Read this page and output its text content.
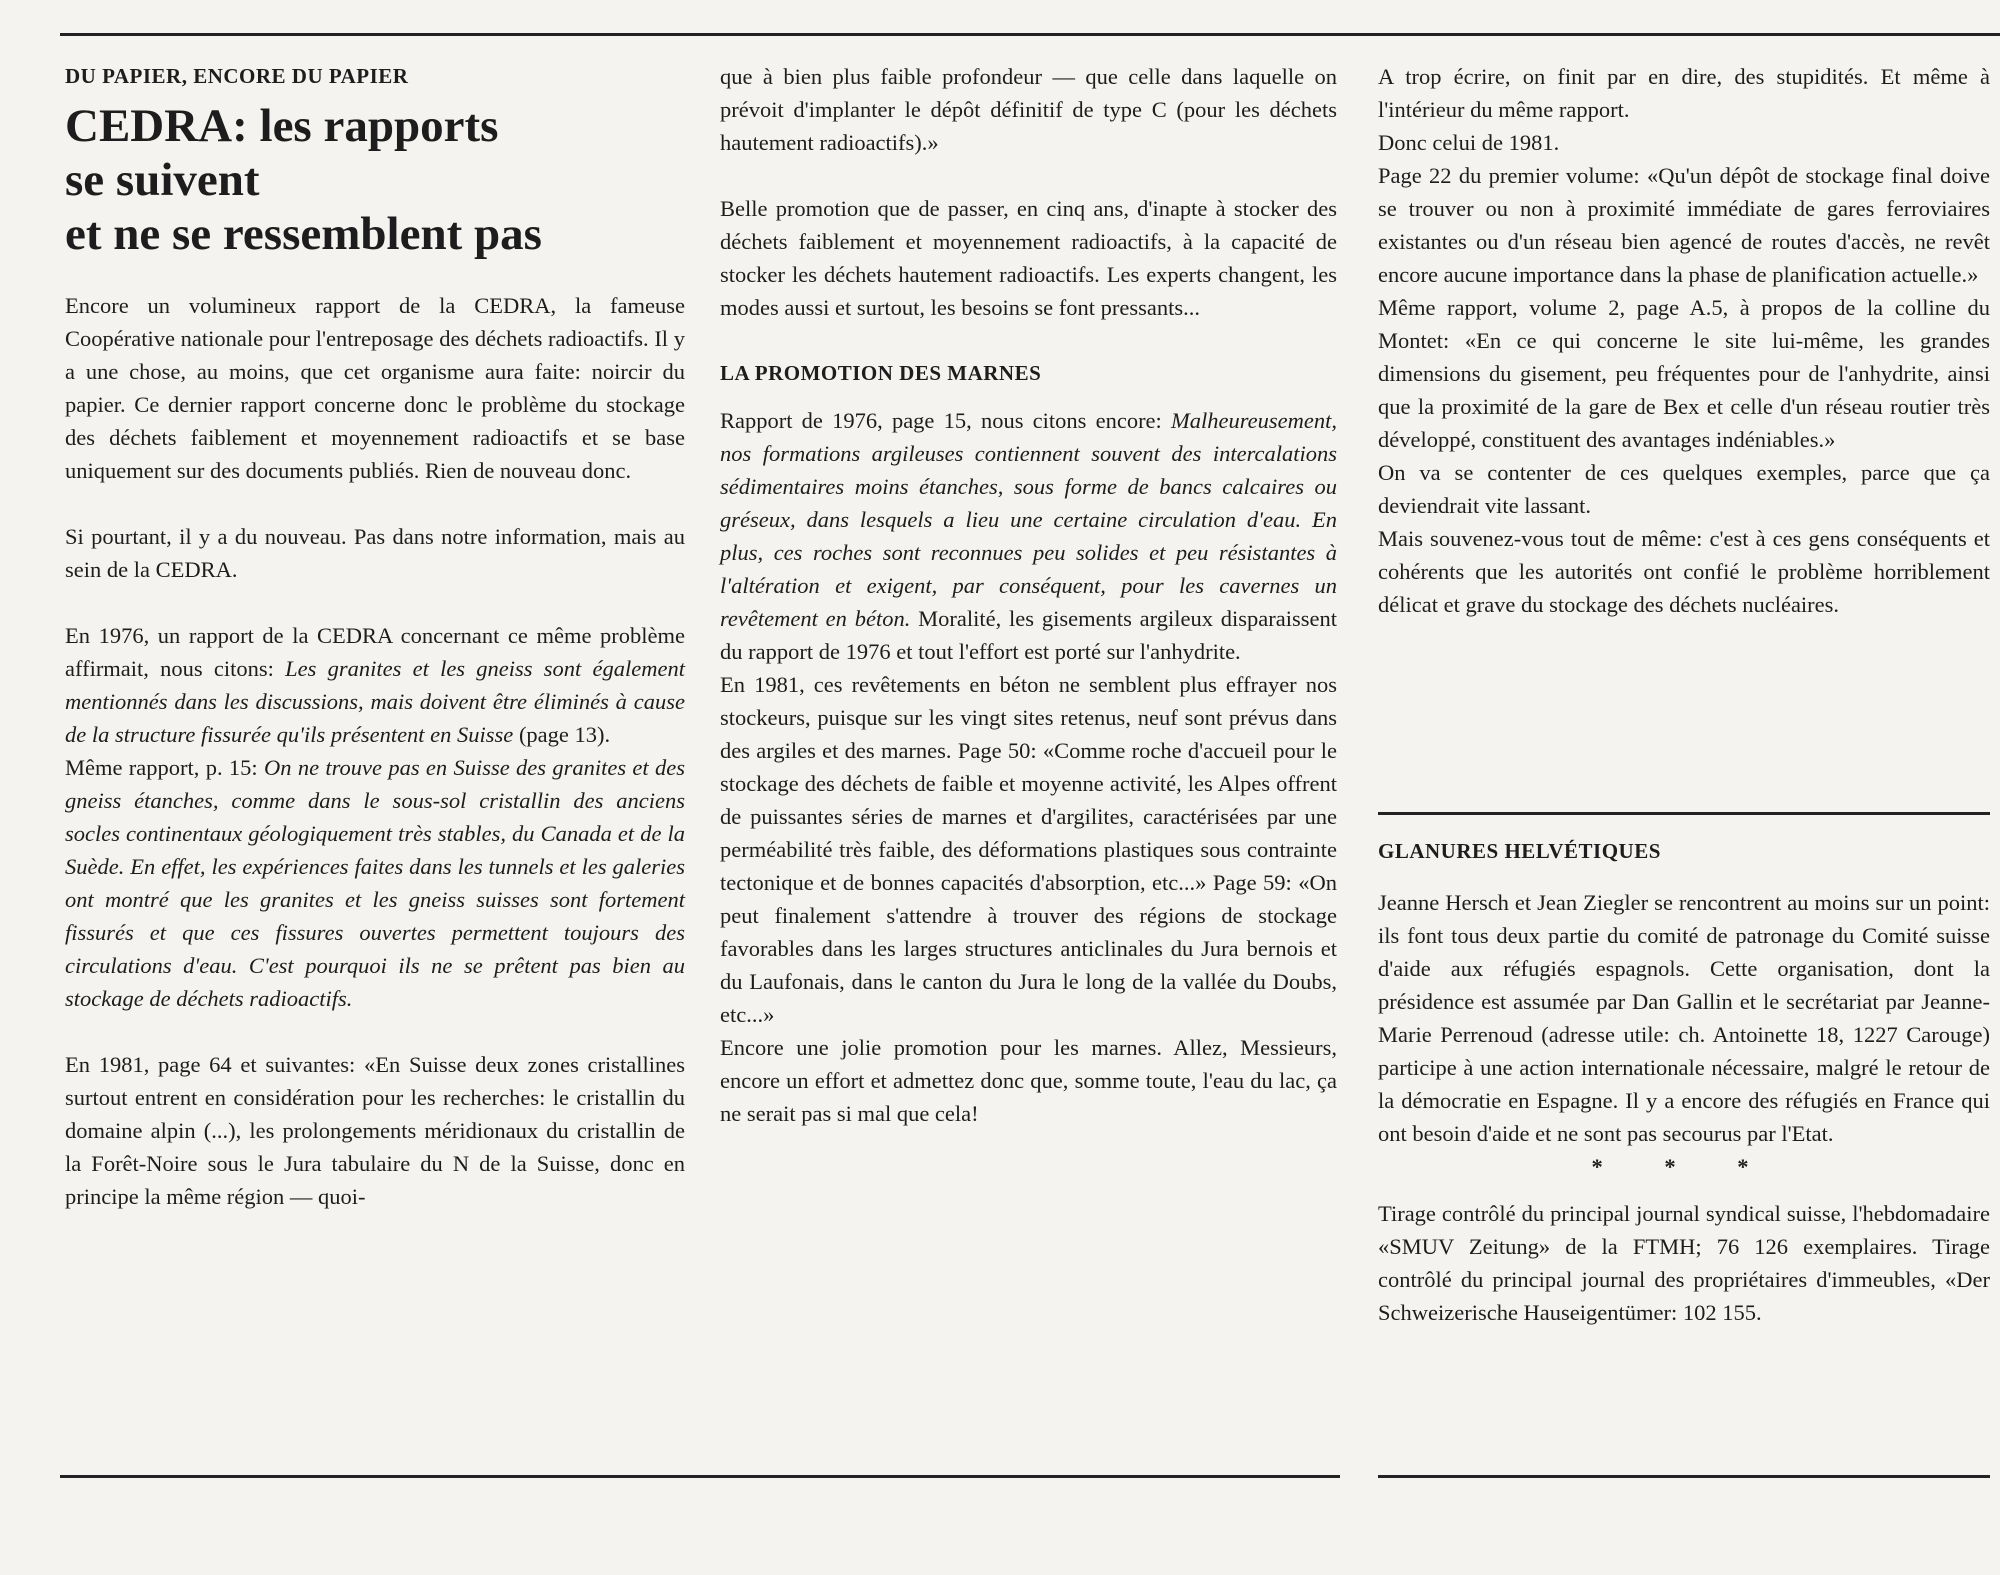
DU PAPIER, ENCORE DU PAPIER

CEDRA: les rapports
se suivent
et ne se ressemblent pas

Encore un volumineux rapport de la CEDRA, la fameuse Coopérative nationale pour l'entreposage des déchets radioactifs. Il y a une chose, au moins, que cet organisme aura faite: noircir du papier. Ce dernier rapport concerne donc le problème du stockage des déchets faiblement et moyennement radioactifs et se base uniquement sur des documents publiés. Rien de nouveau donc.

Si pourtant, il y a du nouveau. Pas dans notre information, mais au sein de la CEDRA.

En 1976, un rapport de la CEDRA concernant ce même problème affirmait, nous citons: Les granites et les gneiss sont également mentionnés dans les discussions, mais doivent être éliminés à cause de la structure fissurée qu'ils présentent en Suisse (page 13).

Même rapport, p. 15: On ne trouve pas en Suisse des granites et des gneiss étanches, comme dans le sous-sol cristallin des anciens socles continentaux géologiquement très stables, du Canada et de la Suède. En effet, les expériences faites dans les tunnels et les galeries ont montré que les granites et les gneiss suisses sont fortement fissurés et que ces fissures ouvertes permettent toujours des circulations d'eau. C'est pourquoi ils ne se prêtent pas bien au stockage de déchets radioactifs.

En 1981, page 64 et suivantes: «En Suisse deux zones cristallines surtout entrent en considération pour les recherches: le cristallin du domaine alpin (...), les prolongements méridionaux du cristallin de la Forêt-Noire sous le Jura tabulaire du N de la Suisse, donc en principe la même région — quoi-

que à bien plus faible profondeur — que celle dans laquelle on prévoit d'implanter le dépôt définitif de type C (pour les déchets hautement radioactifs).»

Belle promotion que de passer, en cinq ans, d'inapte à stocker des déchets faiblement et moyennement radioactifs, à la capacité de stocker les déchets hautement radioactifs. Les experts changent, les modes aussi et surtout, les besoins se font pressants...

LA PROMOTION DES MARNES

Rapport de 1976, page 15, nous citons encore: Malheureusement, nos formations argileuses contiennent souvent des intercalations sédimentaires moins étanches, sous forme de bancs calcaires ou gréseux, dans lesquels a lieu une certaine circulation d'eau. En plus, ces roches sont reconnues peu solides et peu résistantes à l'altération et exigent, par conséquent, pour les cavernes un revêtement en béton. Moralité, les gisements argileux disparaissent du rapport de 1976 et tout l'effort est porté sur l'anhydrite.

En 1981, ces revêtements en béton ne semblent plus effrayer nos stockeurs, puisque sur les vingt sites retenus, neuf sont prévus dans des argiles et des marnes. Page 50: «Comme roche d'accueil pour le stockage des déchets de faible et moyenne activité, les Alpes offrent de puissantes séries de marnes et d'argilites, caractérisées par une perméabilité très faible, des déformations plastiques sous contrainte tectonique et de bonnes capacités d'absorption, etc...» Page 59: «On peut finalement s'attendre à trouver des régions de stockage favorables dans les larges structures anticlinales du Jura bernois et du Laufonais, dans le canton du Jura le long de la vallée du Doubs, etc...»

Encore une jolie promotion pour les marnes. Allez, Messieurs, encore un effort et admettez donc que, somme toute, l'eau du lac, ça ne serait pas si mal que cela!

A trop écrire, on finit par en dire, des stupidités. Et même à l'intérieur du même rapport.

Donc celui de 1981.

Page 22 du premier volume: «Qu'un dépôt de stockage final doive se trouver ou non à proximité immédiate de gares ferroviaires existantes ou d'un réseau bien agencé de routes d'accès, ne revêt encore aucune importance dans la phase de planification actuelle.»

Même rapport, volume 2, page A.5, à propos de la colline du Montet: «En ce qui concerne le site lui-même, les grandes dimensions du gisement, peu fréquentes pour de l'anhydrite, ainsi que la proximité de la gare de Bex et celle d'un réseau routier très développé, constituent des avantages indéniables.»

On va se contenter de ces quelques exemples, parce que ça deviendrait vite lassant.

Mais souvenez-vous tout de même: c'est à ces gens conséquents et cohérents que les autorités ont confié le problème horriblement délicat et grave du stockage des déchets nucléaires.

GLANURES HELVÉTIQUES

Jeanne Hersch et Jean Ziegler se rencontrent au moins sur un point: ils font tous deux partie du comité de patronage du Comité suisse d'aide aux réfugiés espagnols. Cette organisation, dont la présidence est assumée par Dan Gallin et le secrétariat par Jeanne-Marie Perrenoud (adresse utile: ch. Antoinette 18, 1227 Carouge) participe à une action internationale nécessaire, malgré le retour de la démocratie en Espagne. Il y a encore des réfugiés en France qui ont besoin d'aide et ne sont pas secourus par l'Etat.

* * *

Tirage contrôlé du principal journal syndical suisse, l'hebdomadaire «SMUV Zeitung» de la FTMH; 76 126 exemplaires. Tirage contrôlé du principal journal des propriétaires d'immeubles, «Der Schweizerische Hauseigentümer: 102 155.
